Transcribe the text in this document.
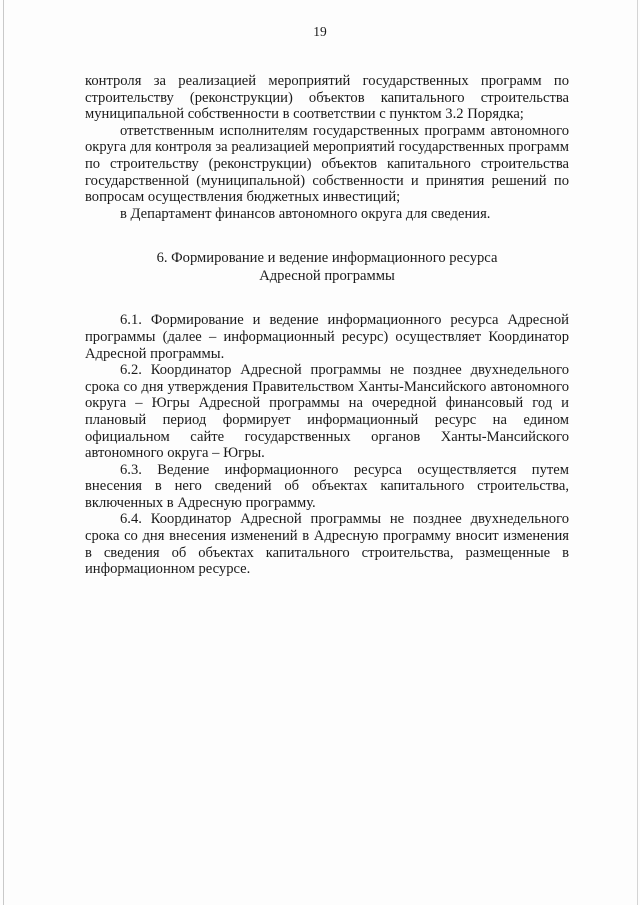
19

контроля за реализацией мероприятий государственных программ по строительству (реконструкции) объектов капитального строительства муниципальной собственности в соответствии с пунктом 3.2 Порядка;

ответственным исполнителям государственных программ автономного округа для контроля за реализацией мероприятий государственных программ по строительству (реконструкции) объектов капитального строительства государственной (муниципальной) собственности и принятия решений по вопросам осуществления бюджетных инвестиций;

в Департамент финансов автономного округа для сведения.

6. Формирование и ведение информационного ресурса
Адресной программы

6.1. Формирование и ведение информационного ресурса Адресной программы (далее – информационный ресурс) осуществляет Координатор Адресной программы.

6.2. Координатор Адресной программы не позднее двухнедельного срока со дня утверждения Правительством Ханты-Мансийского автономного округа – Югры Адресной программы на очередной финансовый год и плановый период формирует информационный ресурс на едином официальном сайте государственных органов Ханты-Мансийского автономного округа – Югры.

6.3. Ведение информационного ресурса осуществляется путем внесения в него сведений об объектах капитального строительства, включенных в Адресную программу.

6.4. Координатор Адресной программы не позднее двухнедельного срока со дня внесения изменений в Адресную программу вносит изменения в сведения об объектах капитального строительства, размещенные в информационном ресурсе.
